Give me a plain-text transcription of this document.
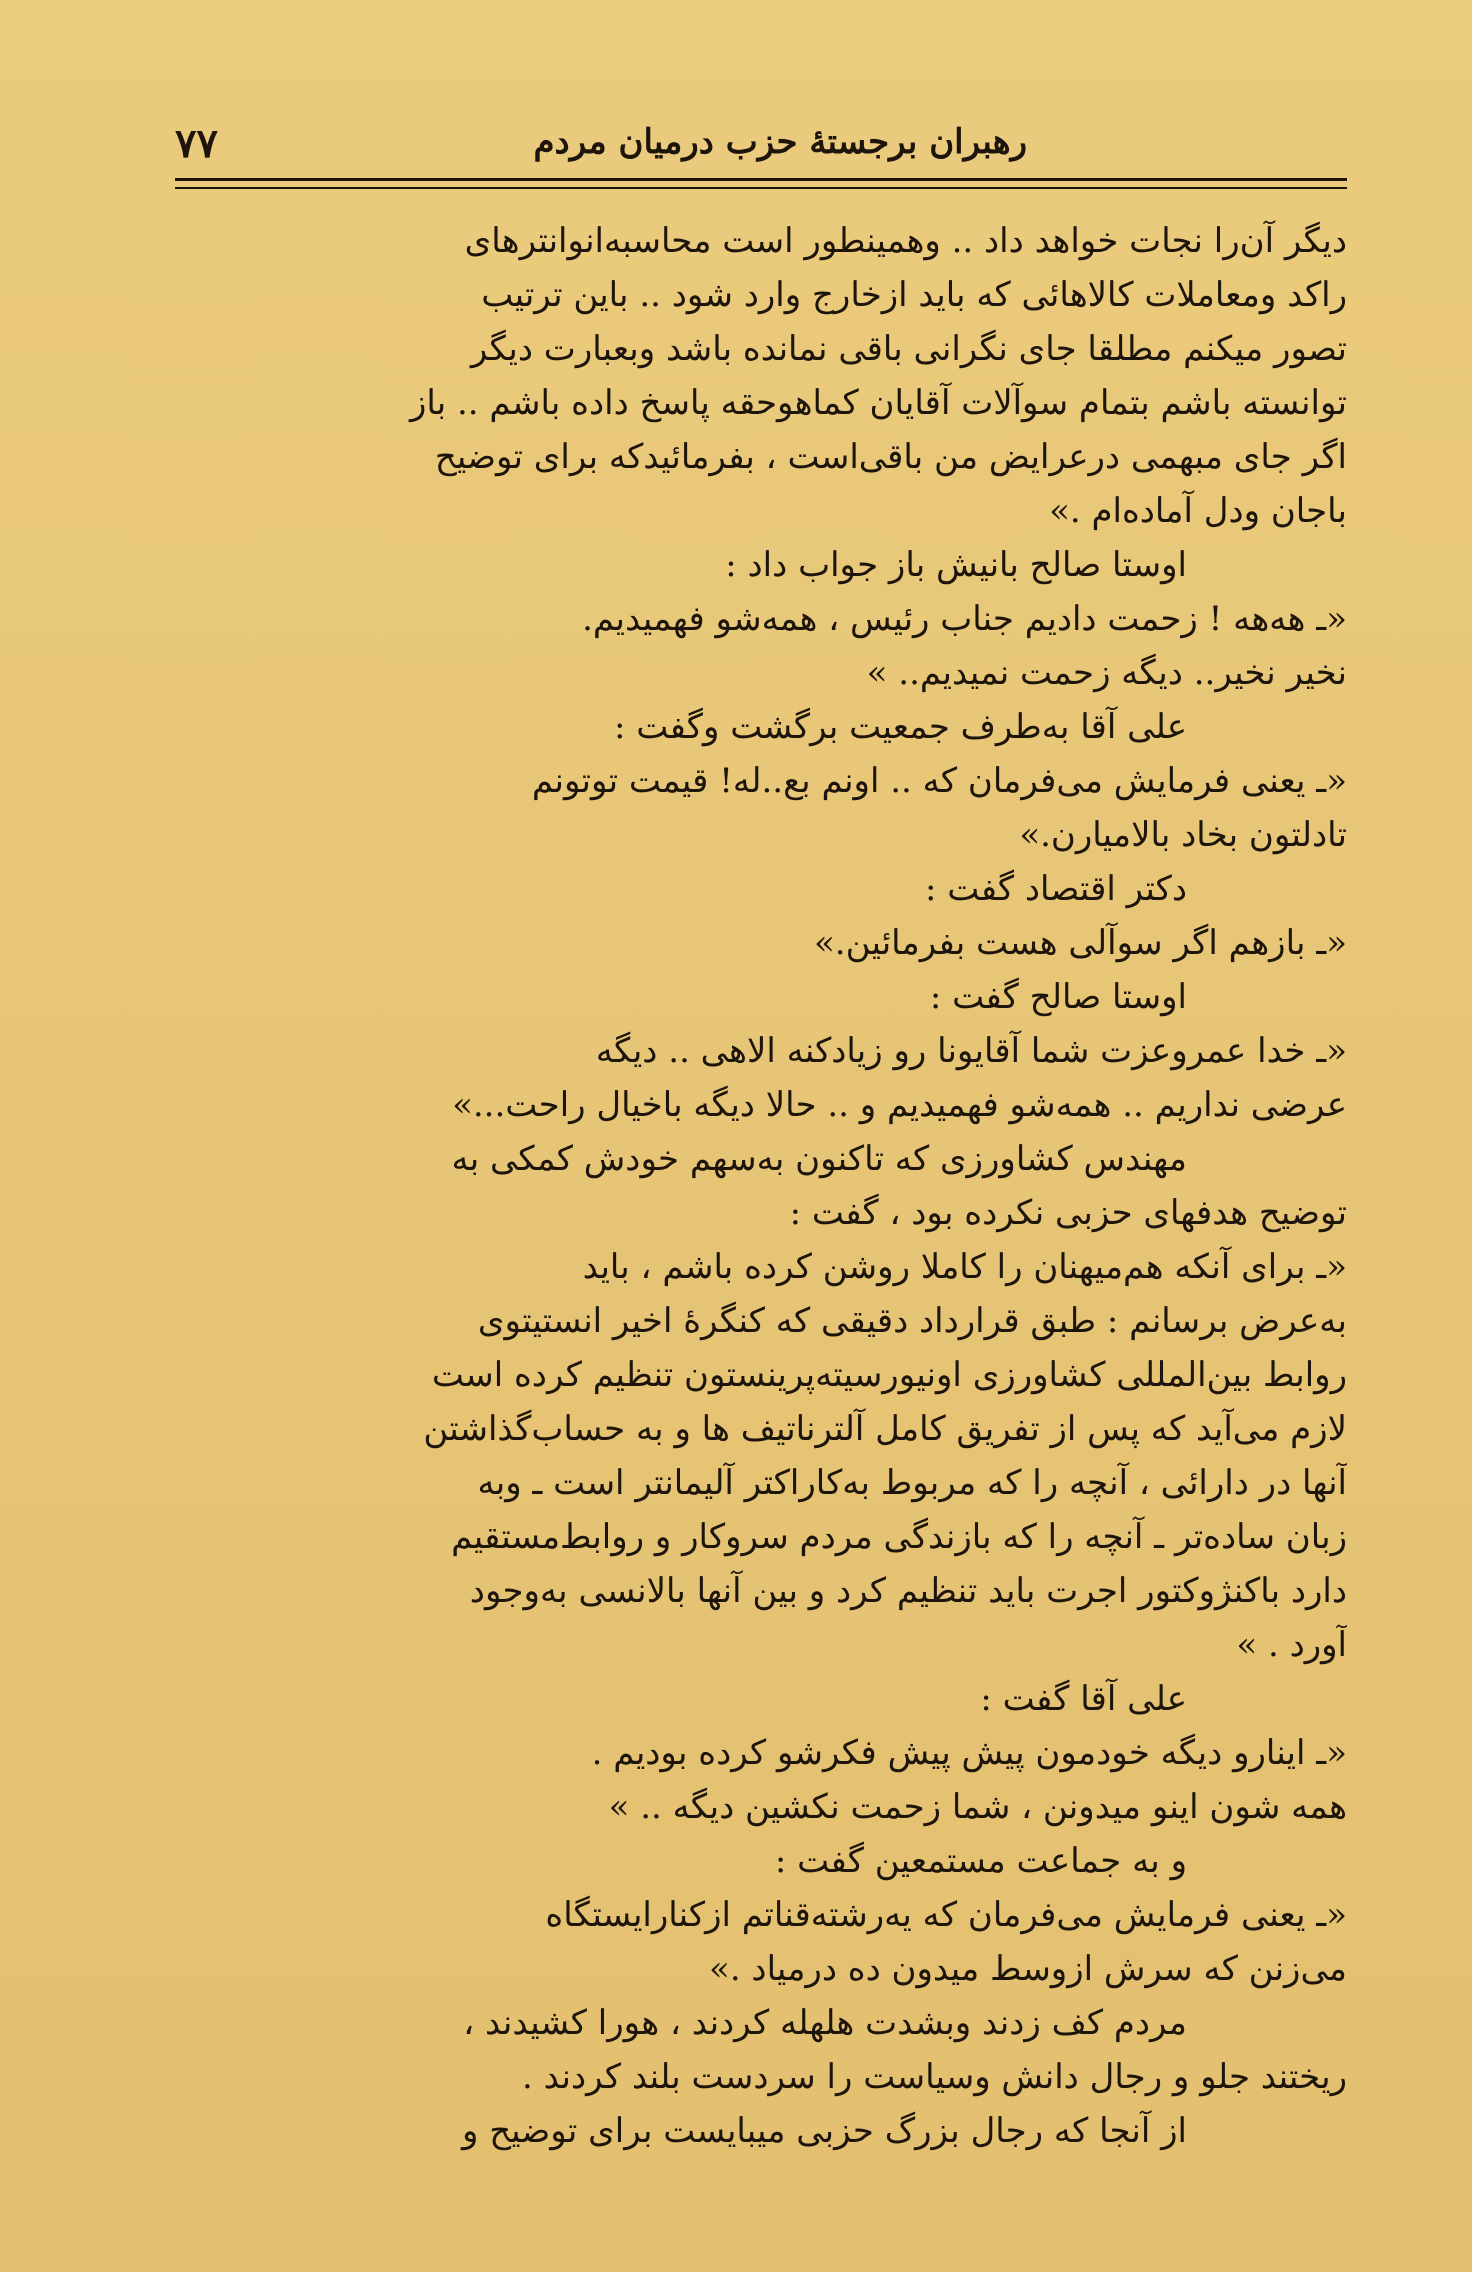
رهبران برجستهٔ حزب درمیان مردم
۷۷
دیگر آن‌را نجات خواهد داد .. وهمینطور است محاسبه‌انوانترهای
راکد ومعاملات کالاهائی که باید ازخارج وارد شود .. باین ترتیب
تصور میکنم مطلقا جای نگرانی باقی نمانده باشد وبعبارت دیگر
توانسته باشم بتمام سوآلات آقایان کماهوحقه پاسخ داده باشم .. باز
اگر جای مبهمی درعرایض من باقی‌است ، بفرمائیدکه برای توضیح
باجان ودل آماده‌ام .»
اوستا صالح بانیش باز جواب داد :
«ـ هه‌هه ! زحمت دادیم جناب رئیس ، همه‌شو فهمیدیم.
نخیر نخیر.. دیگه زحمت نمیدیم.. »
علی آقا به‌طرف جمعیت برگشت وگفت :
«ـ یعنی فرمایش می‌فرمان که .. اونم بع..له! قیمت توتونم
تادلتون بخاد بالامیارن.»
دکتر اقتصاد گفت :
«ـ بازهم اگر سوآلی هست بفرمائین.»
اوستا صالح گفت :
«ـ خدا عمروعزت شما آقایونا رو زیادکنه الاهی .. دیگه
عرضی نداریم .. همه‌شو فهمیدیم و .. حالا دیگه باخیال راحت...»
مهندس کشاورزی که تاکنون به‌سهم خودش کمکی به
توضیح هدفهای حزبی نکرده بود ، گفت :
«ـ برای آنکه هم‌میهنان را کاملا روشن کرده باشم ، باید
به‌عرض برسانم : طبق قرارداد دقیقی که کنگرهٔ اخیر انستیتوی
روابط بین‌المللی کشاورزی اونیورسیته‌پرینستون تنظیم کرده است
لازم می‌آید که پس از تفریق کامل آلترناتیف ها و به حساب‌گذاشتن
آنها در دارائی ، آنچه را که مربوط به‌کاراکتر آلیمانتر است ـ وبه
زبان ساده‌تر ـ آنچه را که بازندگی مردم سروکار و روابط‌مستقیم
دارد باکنژوکتور اجرت باید تنظیم کرد و بین آنها بالانسی به‌وجود
آورد . »
علی آقا گفت :
«ـ اینارو دیگه خودمون پیش پیش فکرشو کرده بودیم .
همه شون اینو میدونن ، شما زحمت نکشین دیگه .. »
و به جماعت مستمعین گفت :
«ـ یعنی فرمایش می‌فرمان که یه‌رشته‌قناتم ازکنارایستگاه
می‌زنن که سرش ازوسط میدون ده درمیاد .»
مردم کف زدند وبشدت هلهله کردند ، هورا کشیدند ،
ریختند جلو و رجال دانش وسیاست را سردست بلند کردند .
از آنجا که رجال بزرگ حزبی میبایست برای توضیح و
